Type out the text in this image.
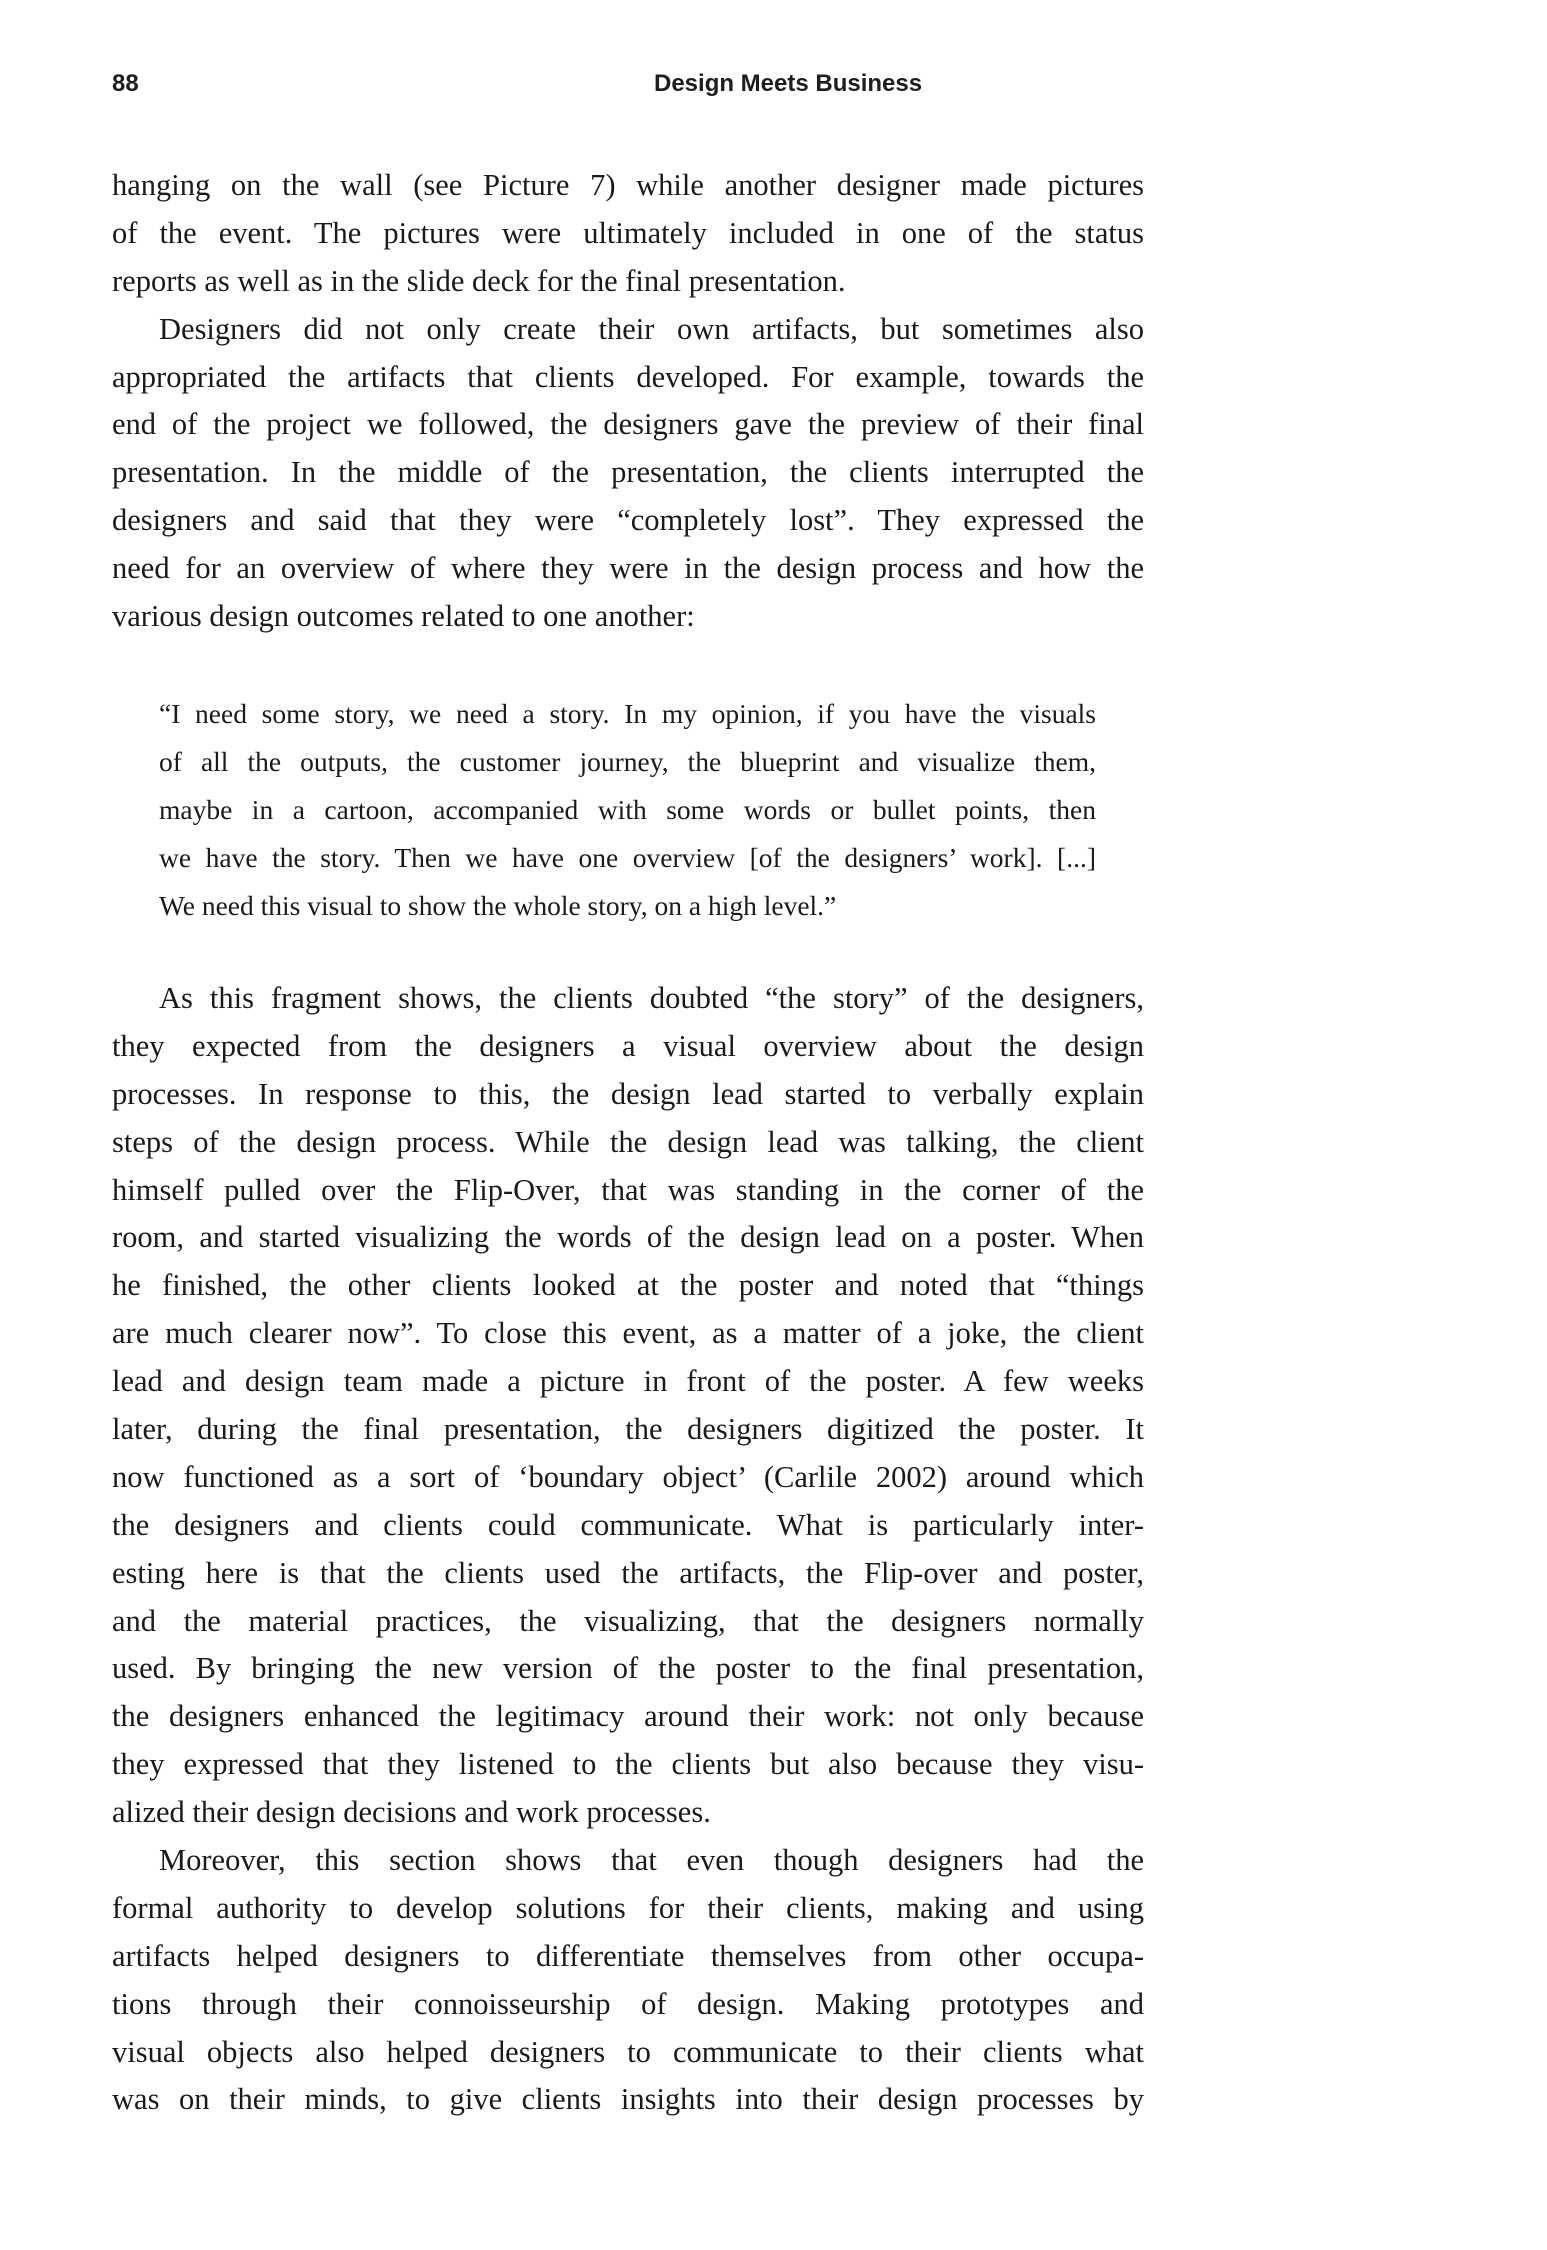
88	Design Meets Business
hanging on the wall (see Picture 7) while another designer made pictures
of the event. The pictures were ultimately included in one of the status
reports as well as in the slide deck for the final presentation.
Designers did not only create their own artifacts, but sometimes also
appropriated the artifacts that clients developed. For example, towards the
end of the project we followed, the designers gave the preview of their final
presentation. In the middle of the presentation, the clients interrupted the
designers and said that they were “completely lost”. They expressed the
need for an overview of where they were in the design process and how the
various design outcomes related to one another:
“I need some story, we need a story. In my opinion, if you have the visuals
of all the outputs, the customer journey, the blueprint and visualize them,
maybe in a cartoon, accompanied with some words or bullet points, then
we have the story. Then we have one overview [of the designers’ work]. [...]
We need this visual to show the whole story, on a high level.”
As this fragment shows, the clients doubted “the story” of the designers,
they expected from the designers a visual overview about the design
processes. In response to this, the design lead started to verbally explain
steps of the design process. While the design lead was talking, the client
himself pulled over the Flip-Over, that was standing in the corner of the
room, and started visualizing the words of the design lead on a poster. When
he finished, the other clients looked at the poster and noted that “things
are much clearer now”. To close this event, as a matter of a joke, the client
lead and design team made a picture in front of the poster. A few weeks
later, during the final presentation, the designers digitized the poster. It
now functioned as a sort of ‘boundary object’ (Carlile 2002) around which
the designers and clients could communicate. What is particularly inter-
esting here is that the clients used the artifacts, the Flip-over and poster,
and the material practices, the visualizing, that the designers normally
used. By bringing the new version of the poster to the final presentation,
the designers enhanced the legitimacy around their work: not only because
they expressed that they listened to the clients but also because they visu-
alized their design decisions and work processes.
Moreover, this section shows that even though designers had the
formal authority to develop solutions for their clients, making and using
artifacts helped designers to differentiate themselves from other occupa-
tions through their connoisseurship of design. Making prototypes and
visual objects also helped designers to communicate to their clients what
was on their minds, to give clients insights into their design processes by
